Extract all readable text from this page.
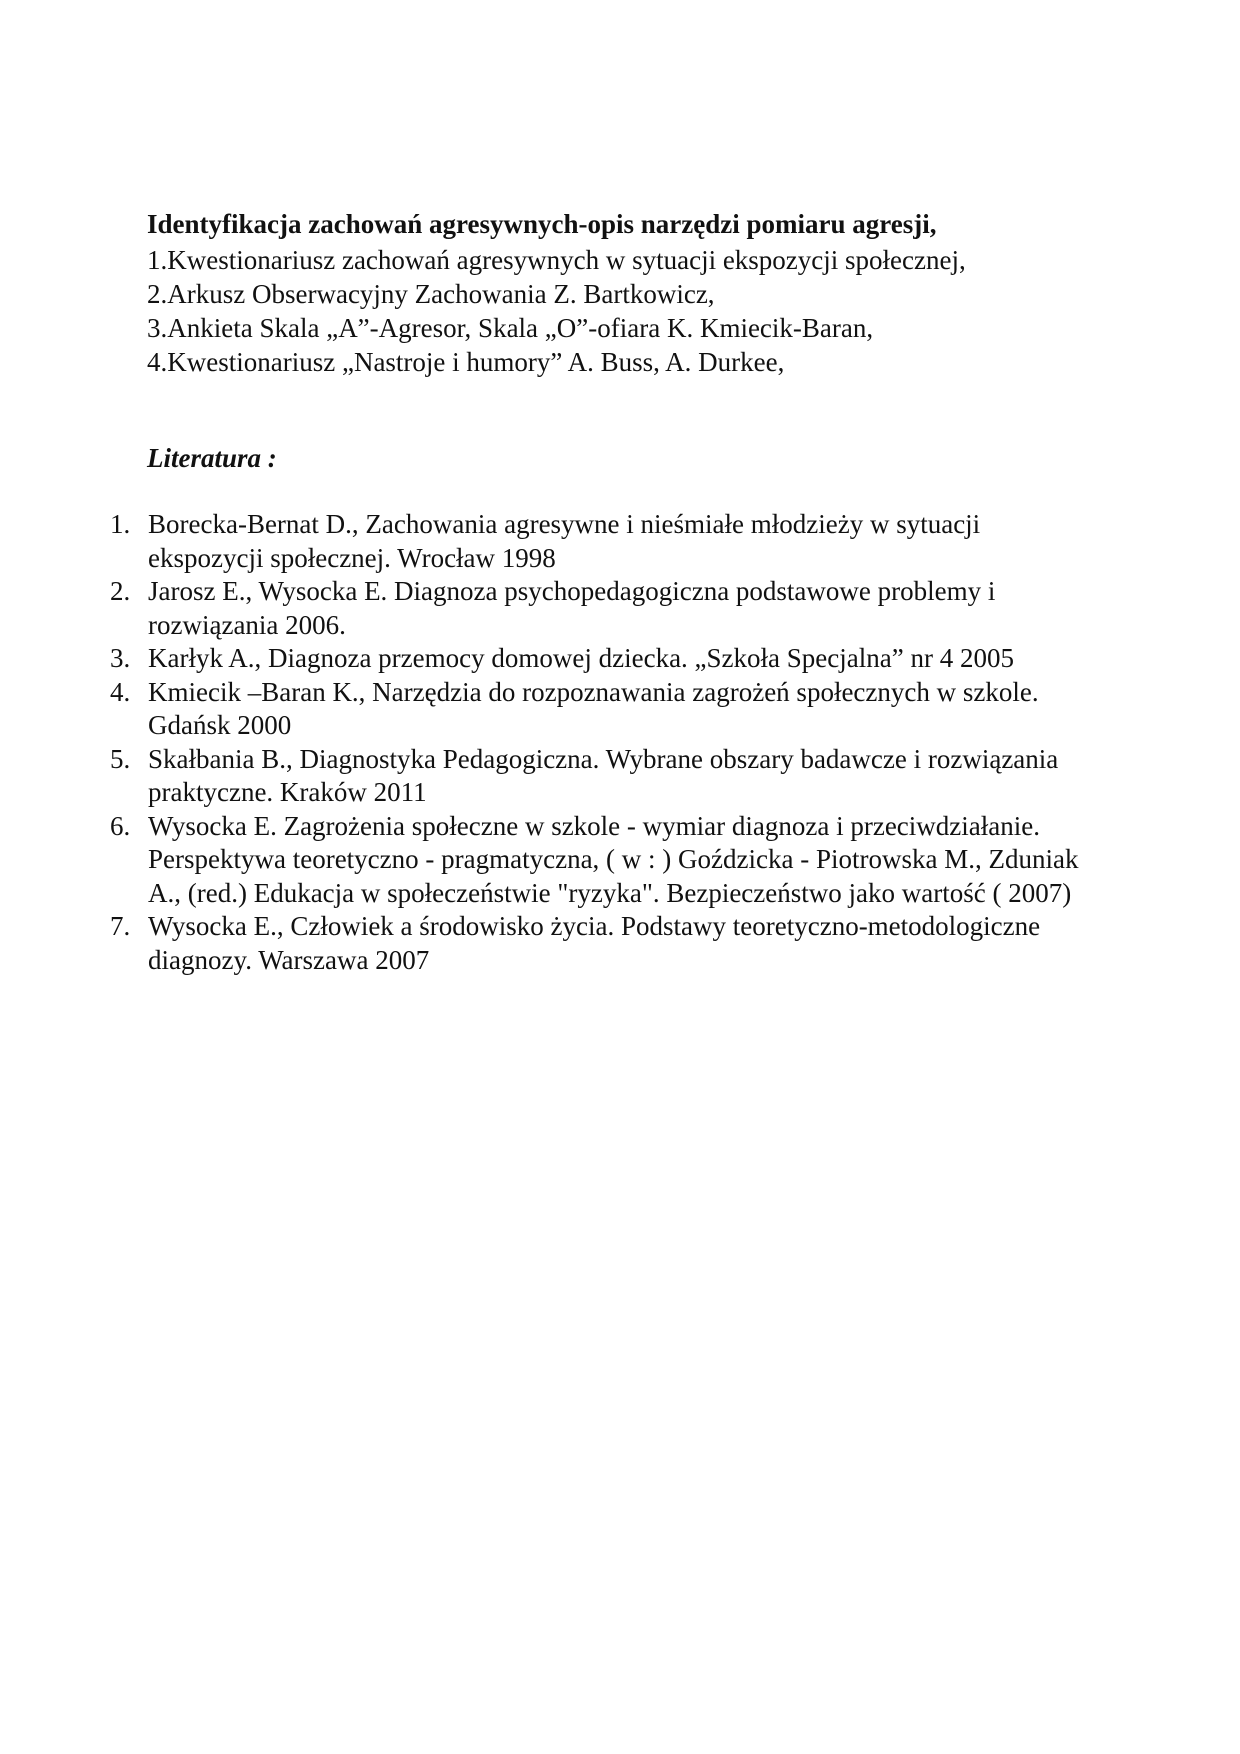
Identyfikacja zachowań agresywnych-opis narzędzi pomiaru agresji,
1.Kwestionariusz zachowań agresywnych w sytuacji ekspozycji społecznej,
2.Arkusz Obserwacyjny Zachowania Z. Bartkowicz,
3.Ankieta Skala „A”-Agresor, Skala „O”-ofiara K. Kmiecik-Baran,
4.Kwestionariusz „Nastroje i humory” A. Buss, A. Durkee,
Literatura :
1. Borecka-Bernat D., Zachowania agresywne i nieśmiałe młodzieży w sytuacji ekspozycji społecznej. Wrocław 1998
2. Jarosz E., Wysocka E. Diagnoza psychopedagogiczna podstawowe problemy i rozwiązania 2006.
3. Karłyk A., Diagnoza przemocy domowej dziecka. „Szkoła Specjalna” nr 4 2005
4. Kmiecik –Baran K., Narzędzia do rozpoznawania zagrożeń społecznych w szkole. Gdańsk 2000
5. Skałbania B., Diagnostyka Pedagogiczna. Wybrane obszary badawcze i rozwiązania praktyczne. Kraków 2011
6. Wysocka E. Zagrożenia społeczne w szkole - wymiar diagnoza i przeciwdziałanie. Perspektywa teoretyczno - pragmatyczna, ( w : ) Goździcka - Piotrowska M., Zduniak A., (red.) Edukacja w społeczeństwie "ryzyka". Bezpieczeństwo jako wartość ( 2007)
7. Wysocka E., Człowiek a środowisko życia. Podstawy teoretyczno-metodologiczne diagnozy. Warszawa 2007
